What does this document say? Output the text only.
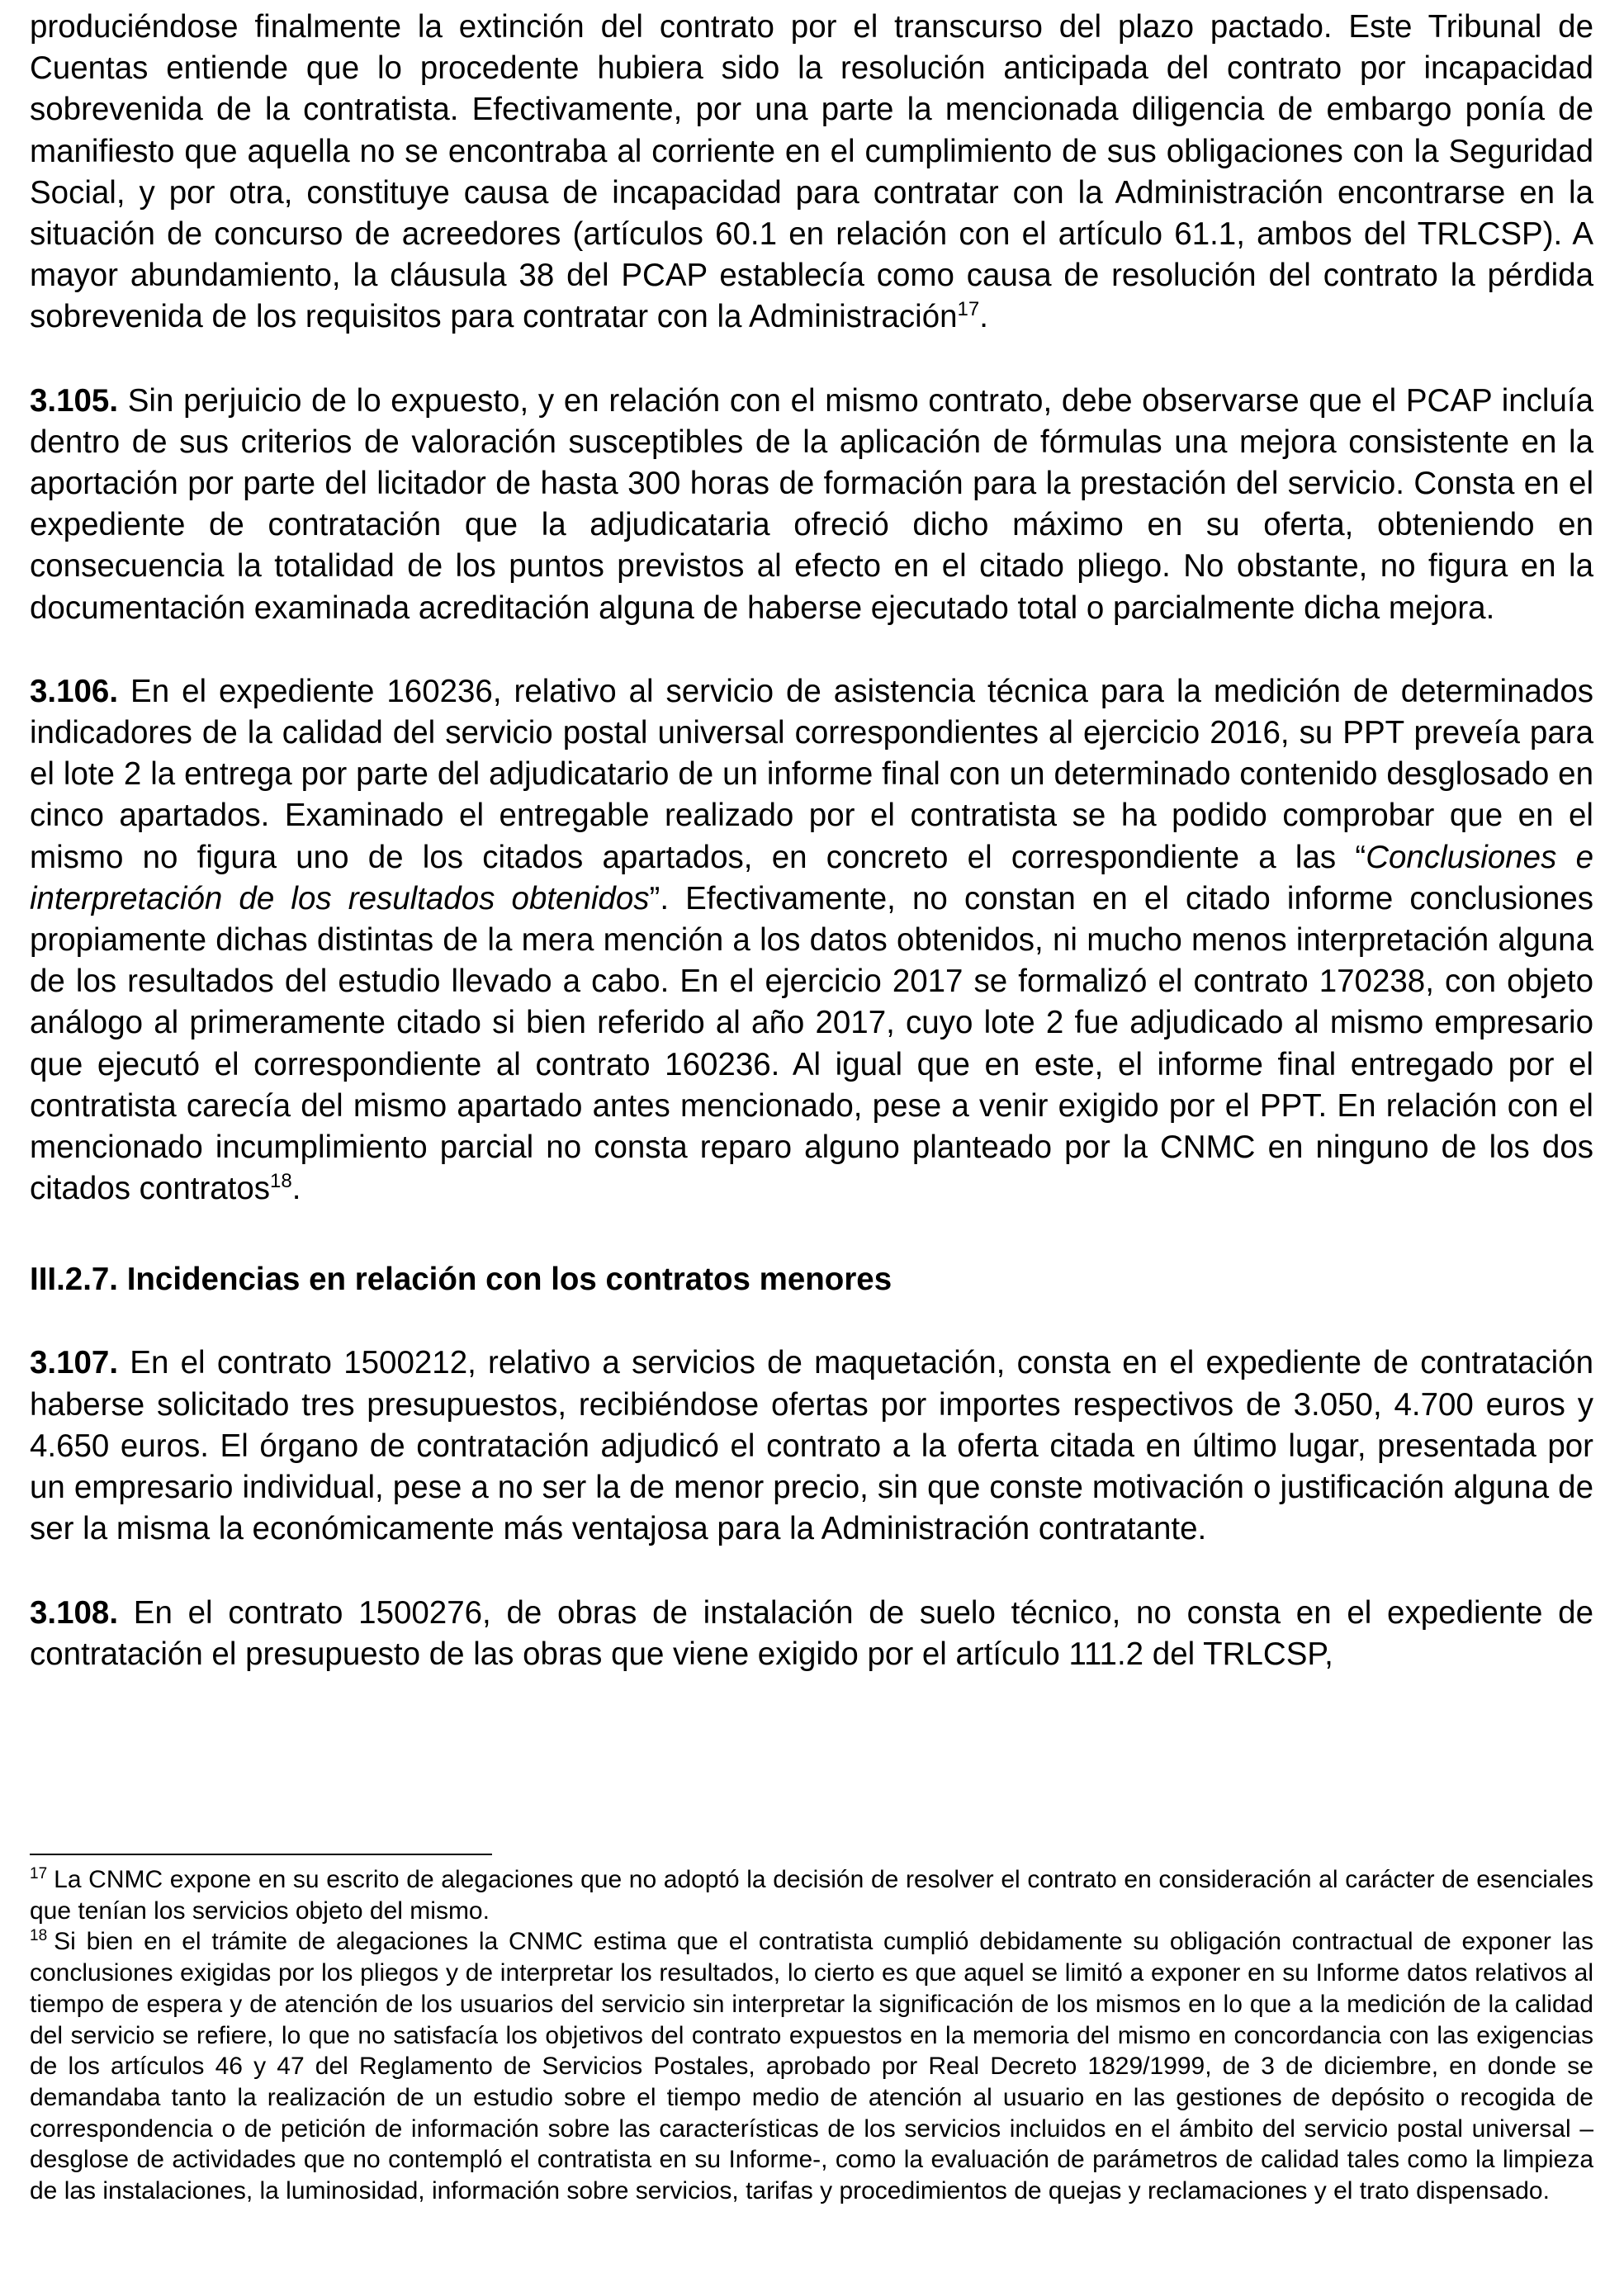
produciéndose finalmente la extinción del contrato por el transcurso del plazo pactado. Este Tribunal de Cuentas entiende que lo procedente hubiera sido la resolución anticipada del contrato por incapacidad sobrevenida de la contratista. Efectivamente, por una parte la mencionada diligencia de embargo ponía de manifiesto que aquella no se encontraba al corriente en el cumplimiento de sus obligaciones con la Seguridad Social, y por otra, constituye causa de incapacidad para contratar con la Administración encontrarse en la situación de concurso de acreedores (artículos 60.1 en relación con el artículo 61.1, ambos del TRLCSP). A mayor abundamiento, la cláusula 38 del PCAP establecía como causa de resolución del contrato la pérdida sobrevenida de los requisitos para contratar con la Administración$^{17}$.

3.105. Sin perjuicio de lo expuesto, y en relación con el mismo contrato, debe observarse que el PCAP incluía dentro de sus criterios de valoración susceptibles de la aplicación de fórmulas una mejora consistente en la aportación por parte del licitador de hasta 300 horas de formación para la prestación del servicio. Consta en el expediente de contratación que la adjudicataria ofreció dicho máximo en su oferta, obteniendo en consecuencia la totalidad de los puntos previstos al efecto en el citado pliego. No obstante, no figura en la documentación examinada acreditación alguna de haberse ejecutado total o parcialmente dicha mejora.

3.106. En el expediente 160236, relativo al servicio de asistencia técnica para la medición de determinados indicadores de la calidad del servicio postal universal correspondientes al ejercicio 2016, su PPT preveía para el lote 2 la entrega por parte del adjudicatario de un informe final con un determinado contenido desglosado en cinco apartados. Examinado el entregable realizado por el contratista se ha podido comprobar que en el mismo no figura uno de los citados apartados, en concreto el correspondiente a las “Conclusiones e interpretación de los resultados obtenidos”. Efectivamente, no constan en el citado informe conclusiones propiamente dichas distintas de la mera mención a los datos obtenidos, ni mucho menos interpretación alguna de los resultados del estudio llevado a cabo. En el ejercicio 2017 se formalizó el contrato 170238, con objeto análogo al primeramente citado si bien referido al año 2017, cuyo lote 2 fue adjudicado al mismo empresario que ejecutó el correspondiente al contrato 160236. Al igual que en este, el informe final entregado por el contratista carecía del mismo apartado antes mencionado, pese a venir exigido por el PPT. En relación con el mencionado incumplimiento parcial no consta reparo alguno planteado por la CNMC en ninguno de los dos citados contratos$^{18}$.

III.2.7. Incidencias en relación con los contratos menores

3.107. En el contrato 1500212, relativo a servicios de maquetación, consta en el expediente de contratación haberse solicitado tres presupuestos, recibiéndose ofertas por importes respectivos de 3.050, 4.700 euros y 4.650 euros. El órgano de contratación adjudicó el contrato a la oferta citada en último lugar, presentada por un empresario individual, pese a no ser la de menor precio, sin que conste motivación o justificación alguna de ser la misma la económicamente más ventajosa para la Administración contratante.

3.108. En el contrato 1500276, de obras de instalación de suelo técnico, no consta en el expediente de contratación el presupuesto de las obras que viene exigido por el artículo 111.2 del TRLCSP,

$^{17}$ La CNMC expone en su escrito de alegaciones que no adoptó la decisión de resolver el contrato en consideración al carácter de esenciales que tenían los servicios objeto del mismo.

$^{18}$ Si bien en el trámite de alegaciones la CNMC estima que el contratista cumplió debidamente su obligación contractual de exponer las conclusiones exigidas por los pliegos y de interpretar los resultados, lo cierto es que aquel se limitó a exponer en su Informe datos relativos al tiempo de espera y de atención de los usuarios del servicio sin interpretar la significación de los mismos en lo que a la medición de la calidad del servicio se refiere, lo que no satisfacía los objetivos del contrato expuestos en la memoria del mismo en concordancia con las exigencias de los artículos 46 y 47 del Reglamento de Servicios Postales, aprobado por Real Decreto 1829/1999, de 3 de diciembre, en donde se demandaba tanto la realización de un estudio sobre el tiempo medio de atención al usuario en las gestiones de depósito o recogida de correspondencia o de petición de información sobre las características de los servicios incluidos en el ámbito del servicio postal universal –desglose de actividades que no contempló el contratista en su Informe-, como la evaluación de parámetros de calidad tales como la limpieza de las instalaciones, la luminosidad, información sobre servicios, tarifas y procedimientos de quejas y reclamaciones y el trato dispensado.
